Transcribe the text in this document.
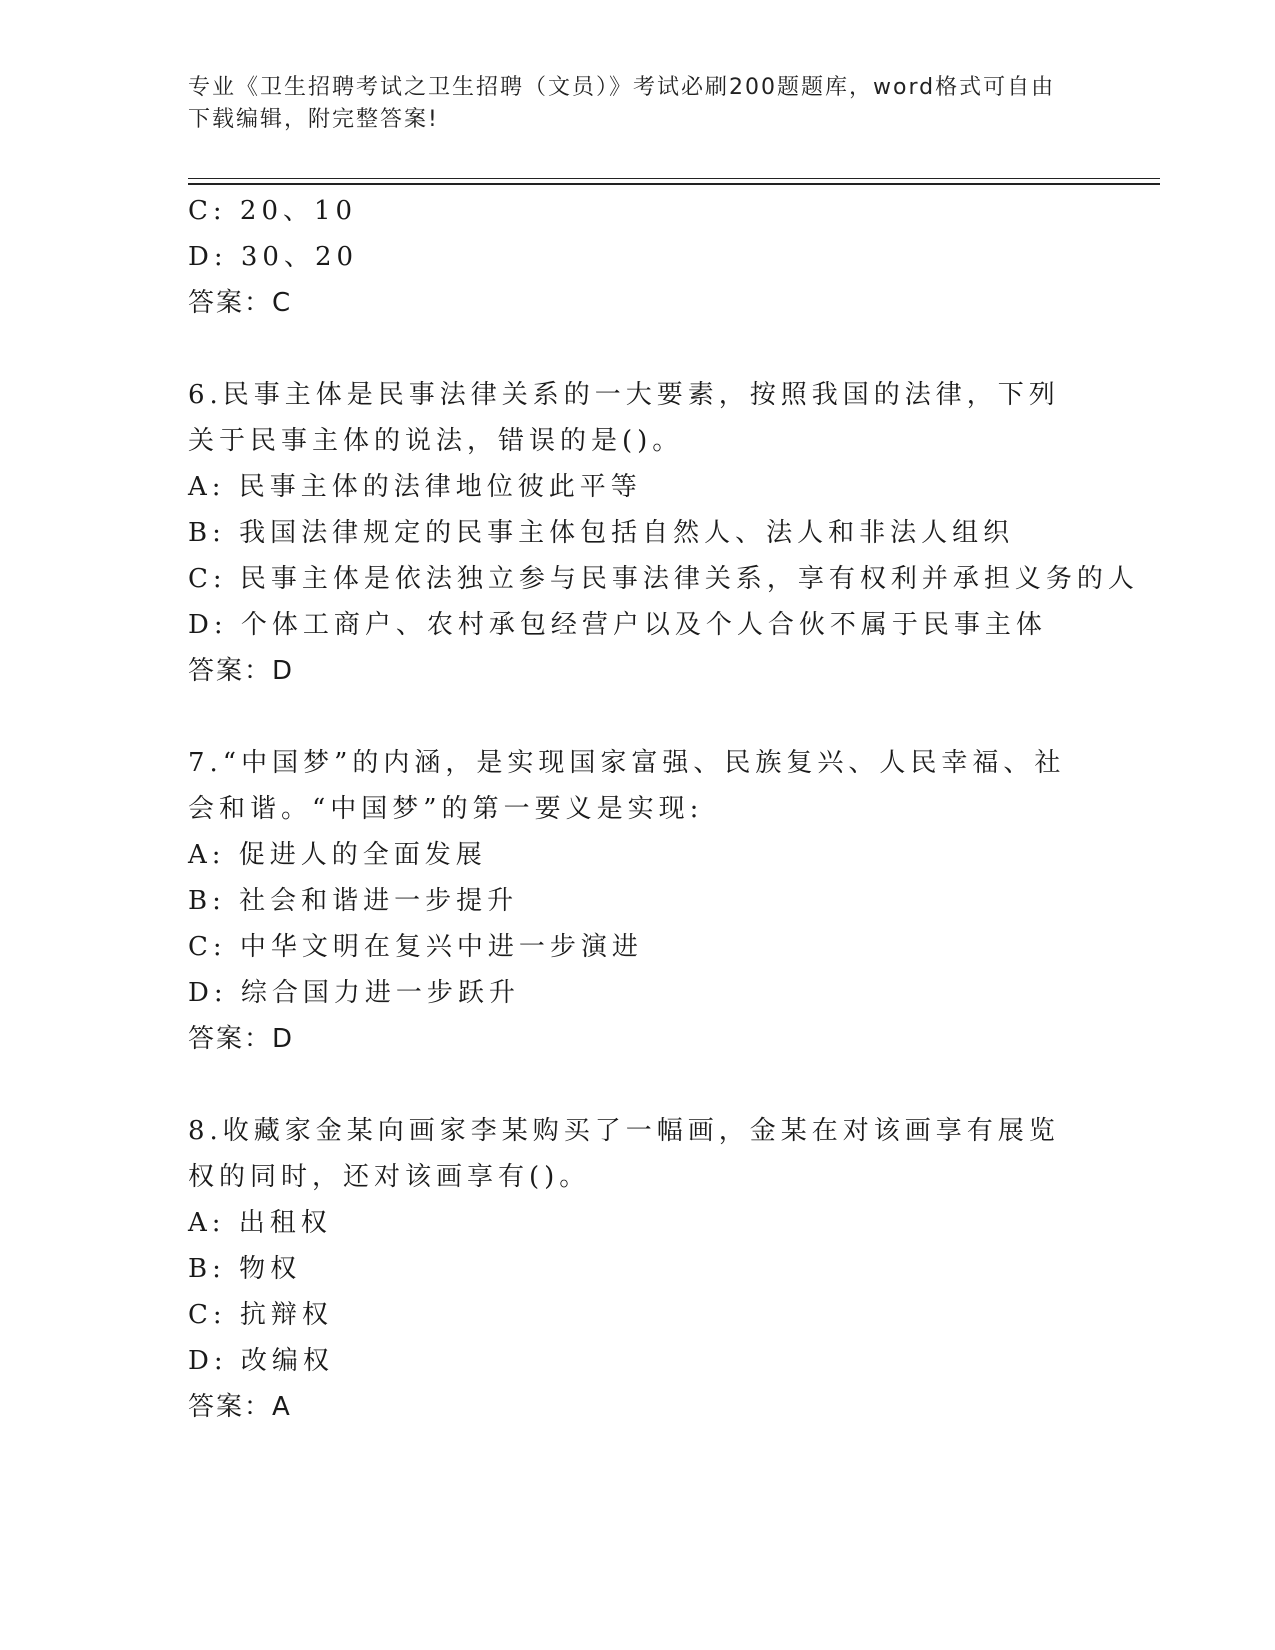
专业《卫生招聘考试之卫生招聘（文员）》考试必刷200题题库，word格式可自由下载编辑，附完整答案!
C: 20、10
D: 30、20
答案：C
6.民事主体是民事法律关系的一大要素，按照我国的法律，下列关于民事主体的说法，错误的是()。
A: 民事主体的法律地位彼此平等
B: 我国法律规定的民事主体包括自然人、法人和非法人组织
C: 民事主体是依法独立参与民事法律关系，享有权利并承担义务的人
D: 个体工商户、农村承包经营户以及个人合伙不属于民事主体
答案：D
7.“中国梦”的内涵，是实现国家富强、民族复兴、人民幸福、社会和谐。“中国梦”的第一要义是实现:
A: 促进人的全面发展
B: 社会和谐进一步提升
C: 中华文明在复兴中进一步演进
D: 综合国力进一步跃升
答案：D
8.收藏家金某向画家李某购买了一幅画，金某在对该画享有展览权的同时，还对该画享有()。
A: 出租权
B: 物权
C: 抗辩权
D: 改编权
答案：A
